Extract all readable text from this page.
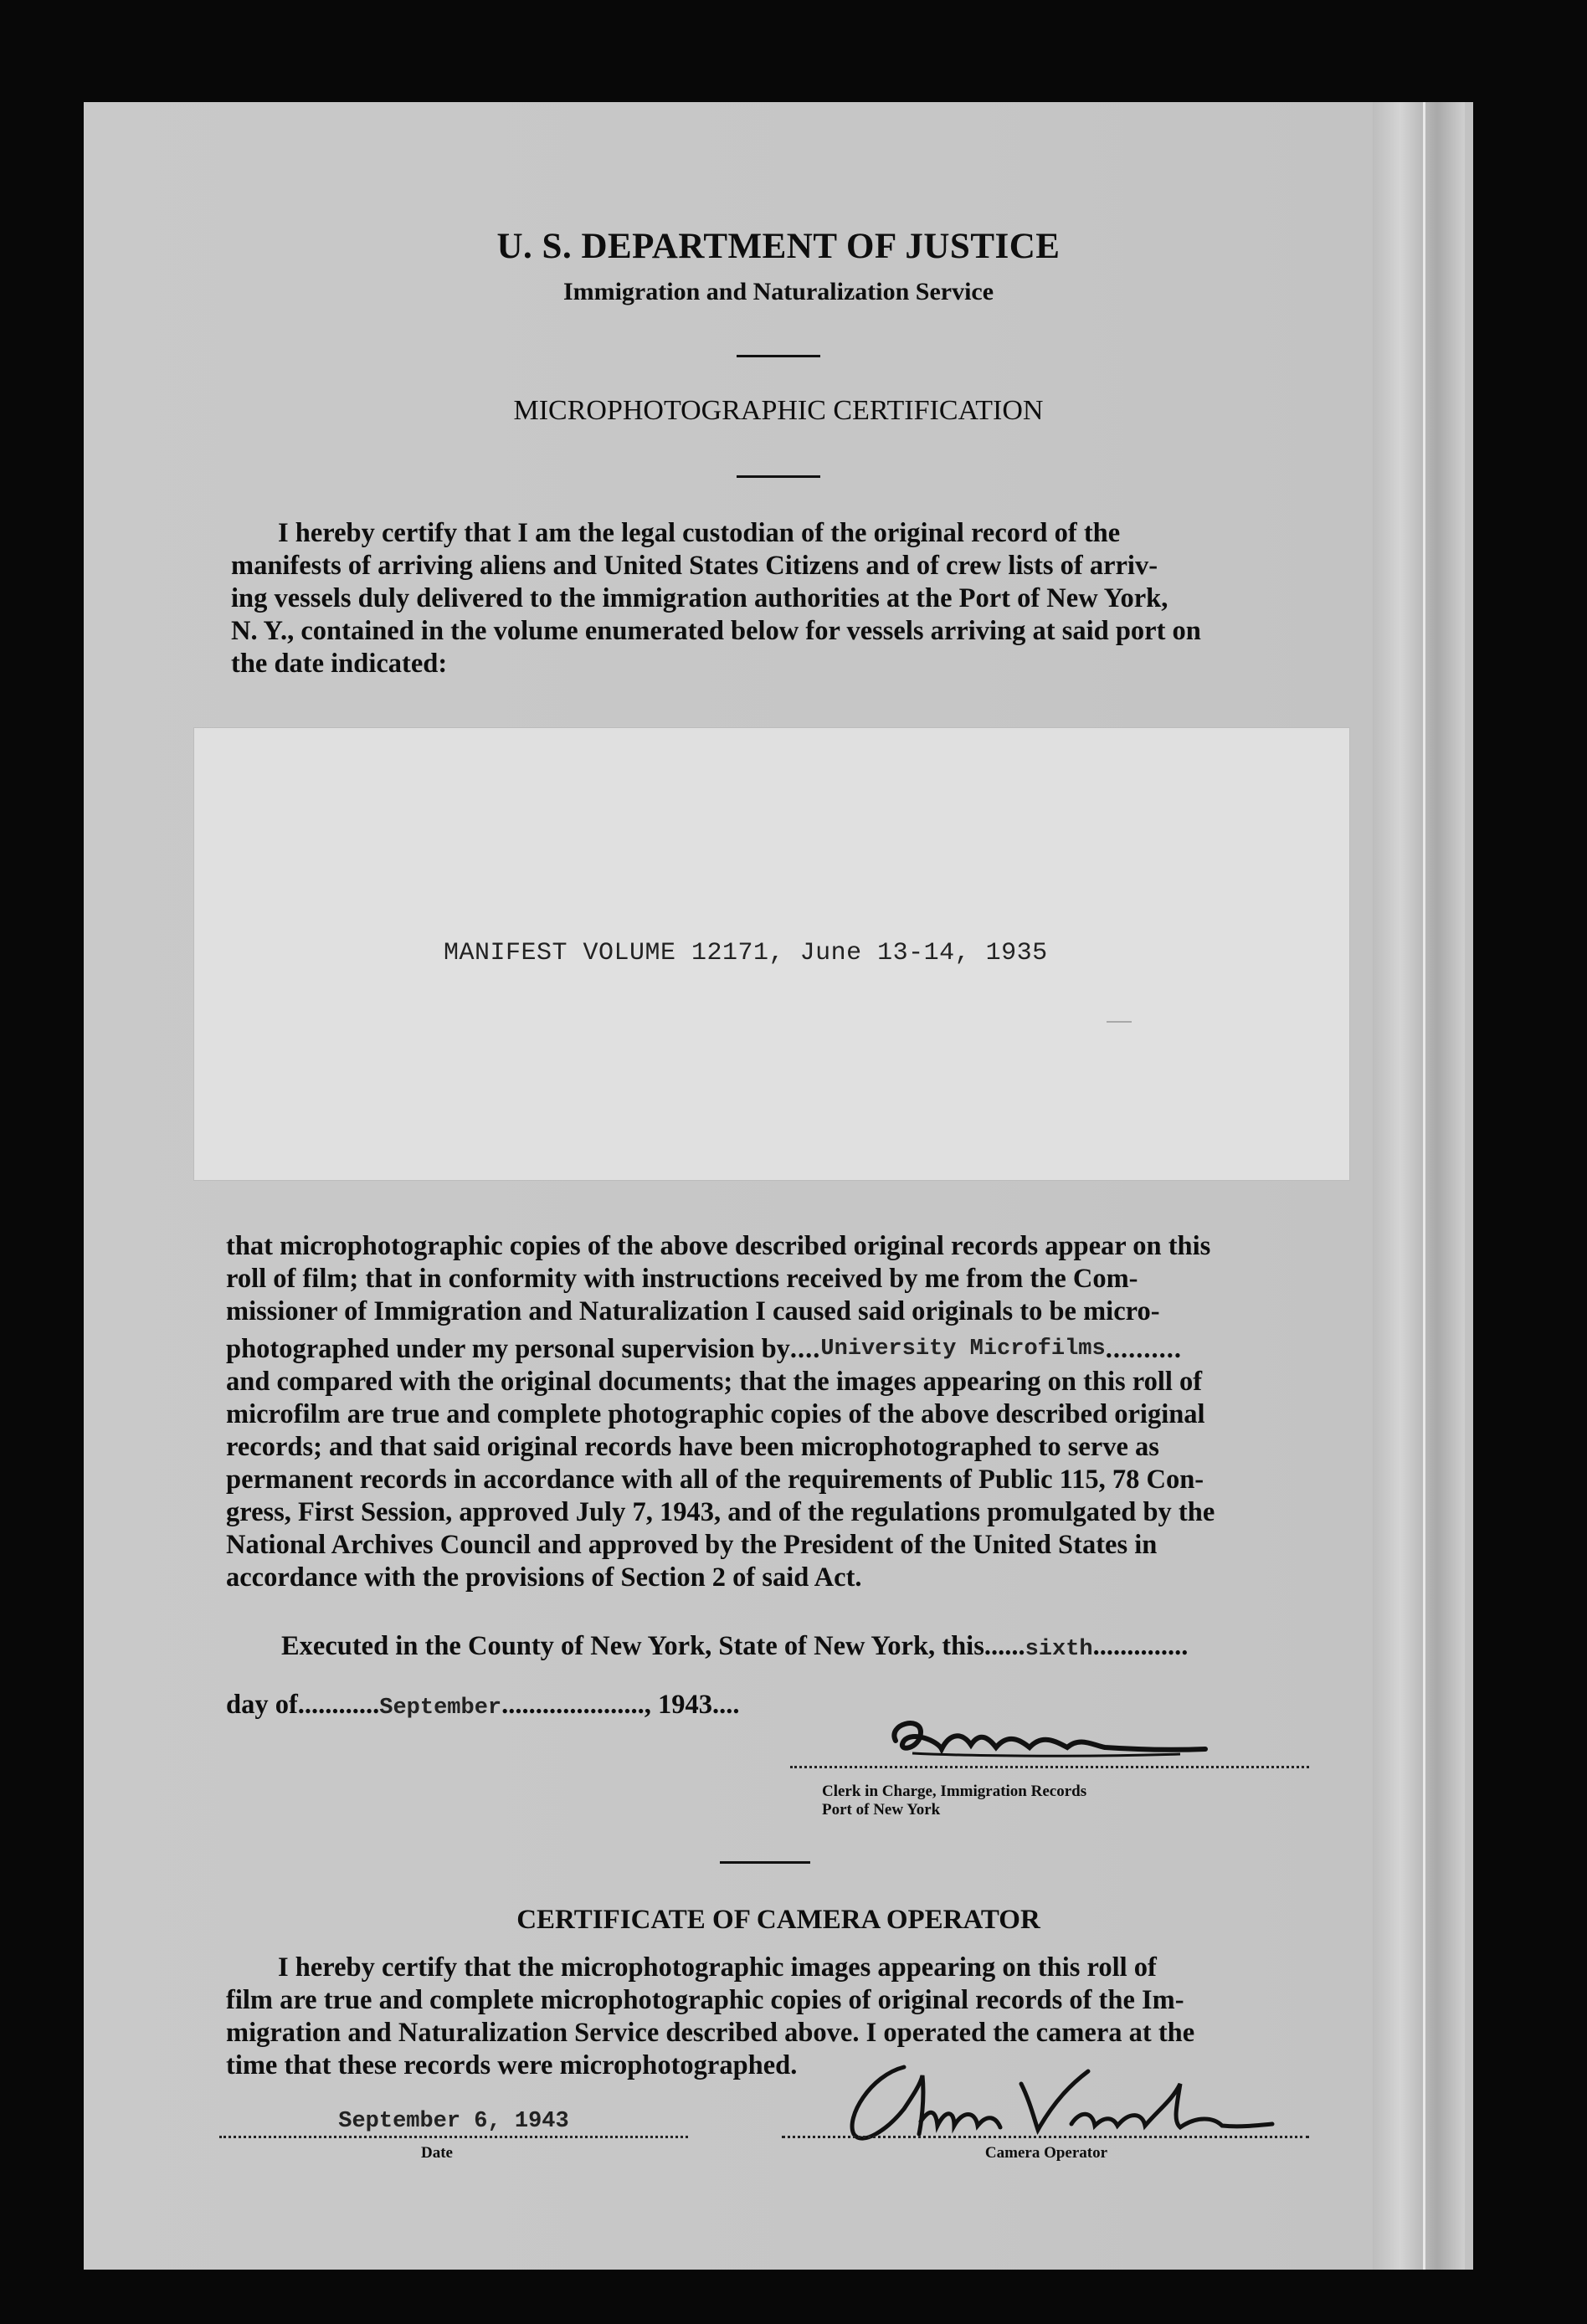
U. S. DEPARTMENT OF JUSTICE
Immigration and Naturalization Service
MICROPHOTOGRAPHIC CERTIFICATION
I hereby certify that I am the legal custodian of the original record of the
manifests of arriving aliens and United States Citizens and of crew lists of arriv-
ing vessels duly delivered to the immigration authorities at the Port of New York,
N. Y., contained in the volume enumerated below for vessels arriving at said port on
the date indicated:
MANIFEST VOLUME 12171, June 13-14, 1935
that microphotographic copies of the above described original records appear on this
roll of film; that in conformity with instructions received by me from the Com-
missioner of Immigration and Naturalization I caused said originals to be micro-
photographed under my personal supervision by .... University Microfilms ..........
and compared with the original documents; that the images appearing on this roll of
microfilm are true and complete photographic copies of the above described original
records; and that said original records have been microphotographed to serve as
permanent records in accordance with all of the requirements of Public 115, 78 Con-
gress, First Session, approved July 7, 1943, and of the regulations promulgated by the
National Archives Council and approved by the President of the United States in
accordance with the provisions of Section 2 of said Act.
Executed in the County of New York, State of New York, this......sixth..............
day of............September....................., 1943....
Clerk in Charge, Immigration Records
Port of New York
CERTIFICATE OF CAMERA OPERATOR
I hereby certify that the microphotographic images appearing on this roll of
film are true and complete microphotographic copies of original records of the Im-
migration and Naturalization Service described above. I operated the camera at the
time that these records were microphotographed.
September 6, 1943
Date	Camera Operator
